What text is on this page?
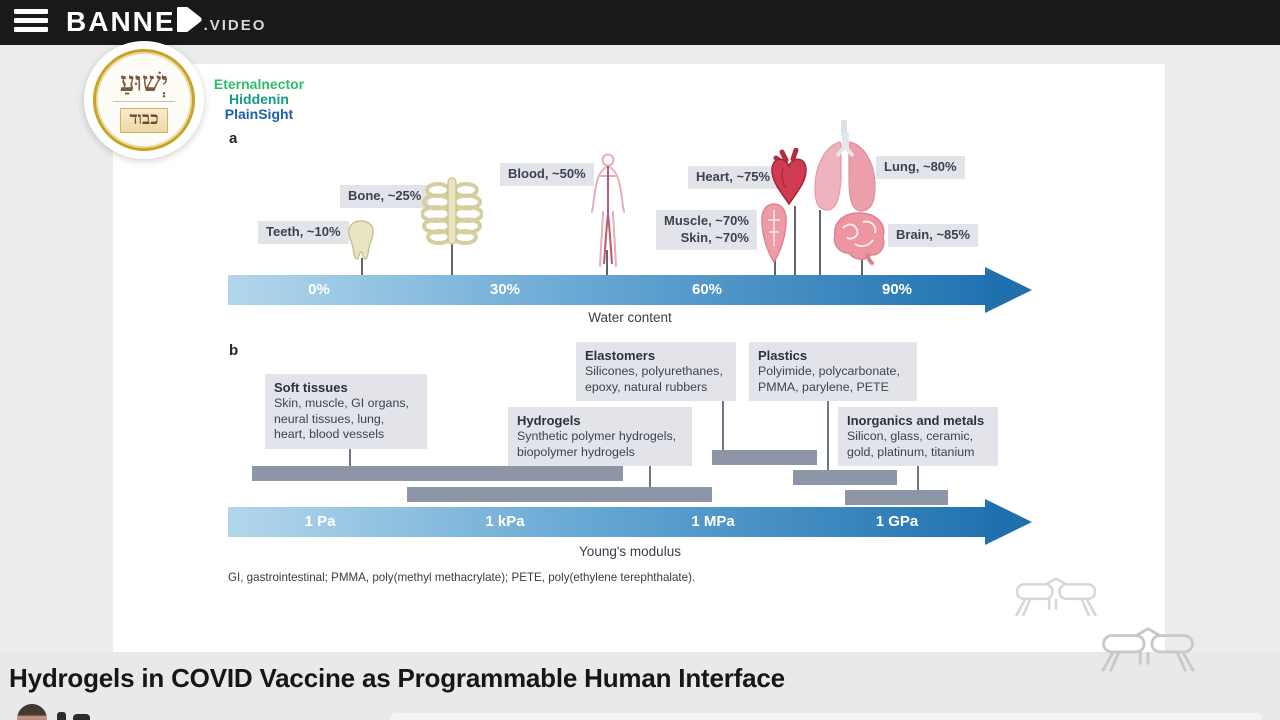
BANNE .VIDEO
a
Teeth, ~10%
Bone, ~25%
Blood, ~50%
Muscle, ~70%
Skin, ~70%
Heart, ~75%
Lung, ~80%
Brain, ~85%
0%	30%	60%	90%
Water content
b
Soft tissues
Skin, muscle, GI organs, neural tissues, lung, heart, blood vessels
Hydrogels
Synthetic polymer hydrogels, biopolymer hydrogels
Elastomers
Silicones, polyurethanes, epoxy, natural rubbers
Plastics
Polyimide, polycarbonate, PMMA, parylene, PETE
Inorganics and metals
Silicon, glass, ceramic, gold, platinum, titanium
1 Pa	1 kPa	1 MPa	1 GPa
Young's modulus
GI, gastrointestinal; PMMA, poly(methyl methacrylate); PETE, poly(ethylene terephthalate).
יְשׁוּעַ
כבוד
Eternalnector
Hiddenin
PlainSight
Hydrogels in COVID Vaccine as Programmable Human Interface
